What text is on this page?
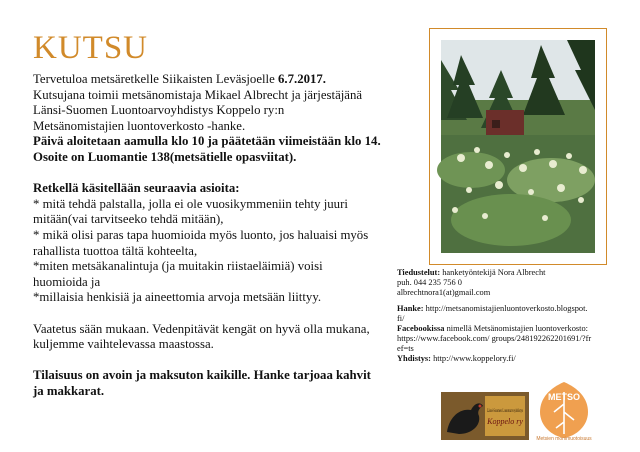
KUTSU

Tervetuloa metsäretkelle Siikaisten Leväsjoelle 6.7.2017.

Kutsujana toimii metsänomistaja Mikael Albrecht ja järjestäjänä

Länsi-Suomen Luontoarvoyhdistys Koppelo ry:n

Metsänomistajien luontoverkosto -hanke.

Päivä aloitetaan aamulla klo 10 ja päätetään viimeistään klo 14.

Osoite on Luomantie 138(metsätielle opasviitat).

Retkellä käsitellään seuraavia asioita:

* mitä tehdä palstalla, jolla ei ole vuosikymmeniin tehty juuri

mitään(vai tarvitseeko tehdä mitään),

* mikä olisi paras tapa huomioida myös luonto, jos haluaisi myös

rahallista tuottoa tältä kohteelta,

*miten metsäkanalintuja (ja muitakin riistaeläimiä) voisi

huomioida ja

*millaisia henkisiä ja aineettomia arvoja metsään liittyy.

Vaatetus sään mukaan. Vedenpitävät kengät on hyvä olla mukana,

kuljemme vaihtelevassa maastossa.

Tilaisuus on avoin ja maksuton kaikille. Hanke tarjoaa kahvit

ja makkarat.

Tiedustelut: hanketyöntekijä Nora Albrecht

puh. 044 235 756 0

albrechtnora1(at)gmail.com

Hanke: http://metsanomistajienluontoverkosto.blogspot.

fi/

Facebookissa nimellä Metsänomistajien luontoverkosto:

https://www.facebook.com/ groups/248192262201691/?fr

ef=ts

Yhdistys: http://www.koppelory.fi/

Länsi-Suomen Luontoarvoyhdistys
Koppelo ry
METSO
Metsien monimuotoisuus
